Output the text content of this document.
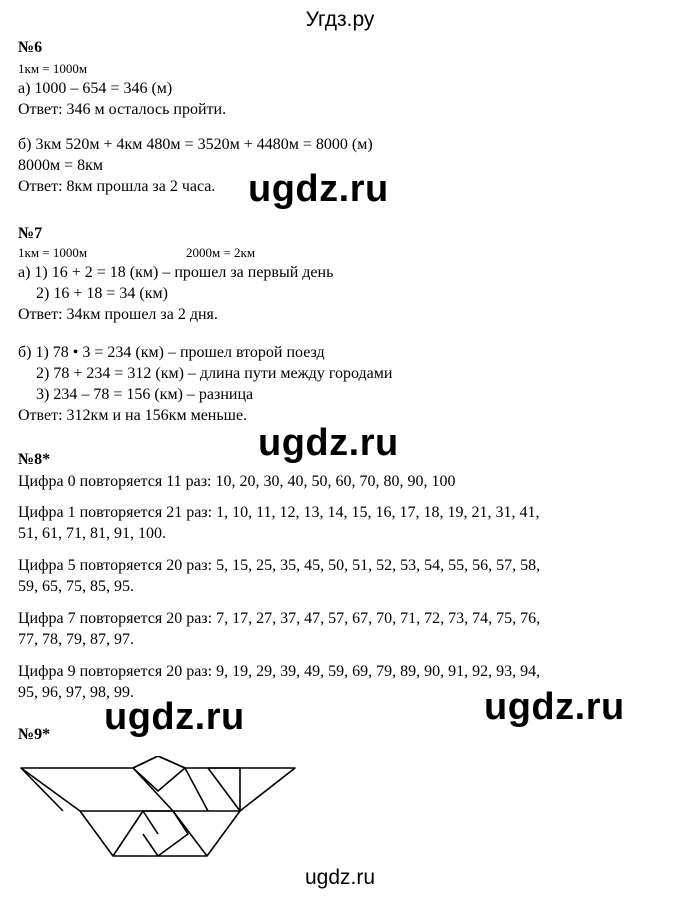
Угдз.ру
№6
1км = 1000м
а) 1000 – 654 = 346 (м)
Ответ: 346 м осталось пройти.
б) 3км 520м + 4км 480м = 3520м + 4480м = 8000 (м)
8000м = 8км
Ответ: 8км прошла за 2 часа. ugdz.ru
№7
1км = 1000м	2000м = 2км
а) 1) 16 + 2 = 18 (км) – прошел за первый день
2) 16 + 18 = 34 (км)
Ответ: 34км прошел за 2 дня.
б) 1) 78 • 3 = 234 (км) – прошел второй поезд
2) 78 + 234 = 312 (км) – длина пути между городами
3) 234 – 78 = 156 (км) – разница
Ответ: 312км и на 156км меньше.
ugdz.ru
№8*
Цифра 0 повторяется 11 раз: 10, 20, 30, 40, 50, 60, 70, 80, 90, 100
Цифра 1 повторяется 21 раз: 1, 10, 11, 12, 13, 14, 15, 16, 17, 18, 19, 21, 31, 41,
51, 61, 71, 81, 91, 100.
Цифра 5 повторяется 20 раз: 5, 15, 25, 35, 45, 50, 51, 52, 53, 54, 55, 56, 57, 58,
59, 65, 75, 85, 95.
Цифра 7 повторяется 20 раз: 7, 17, 27, 37, 47, 57, 67, 70, 71, 72, 73, 74, 75, 76,
77, 78, 79, 87, 97.
Цифра 9 повторяется 20 раз: 9, 19, 29, 39, 49, 59, 69, 79, 89, 90, 91, 92, 93, 94,
95, 96, 97, 98, 99.	ugdz.ru
ugdz.ru
№9*
ugdz.ru
